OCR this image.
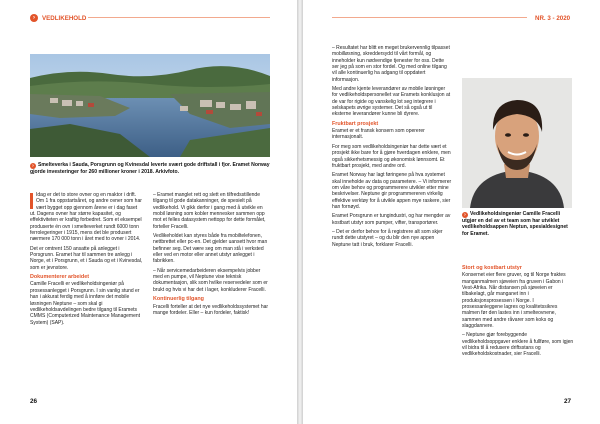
›	VEDLIKEHOLD
› Smelteverka i Sauda, Porsgrunn og Kvinesdal leverte svært gode driftstall i fjor. Eramet Norway gjorde investeringer for 260 millioner kroner i 2018. Arkivfoto.

Idag er det to store ovner og en maktor i drift. Om 1 fra oppstartsåret, og andre ovner som har vært bygget opp gjennom årene er i dag faset ut. Dagens ovner har større kapasitet, og effektiviteten er kraftig forbedret. Som et eksempel produserte én ovn i smelteverket rundt 6000 tonn ferrolegeringer i 1915, mens det ble produsert nærmere 170 000 tonn i året med to ovner i 2014.

Det er omtrent 150 ansatte på anlegget i Porsgrunn. Eramet har til sammen tre anlegg i Norge, et i Porsgrunn, et i Sauda og et i Kvinesdal, som er jevnstore.

Dokumenterer arbeidet

Camille Fracelli er vedlikeholdsingeniør på prosessanlegget i Porsgrunn. I sin vanlig stund er han i akkurat ferdig med å innføre det mobile løsningen Neptune – som skal gi vedlikeholdsavdelingen bedre tilgang til Eramets CMMS (Computerized Maintenance Management System) (SAP).

– Eramet manglet rett og slett en tilfredsstillende tilgang til gode datakanninger, de spesielt på vedlikehold. Vi gikk derfor i gang med å utvikle en mobil løsning som kobler mennesker sammen opp mot et felles datasystem nettopp for dette formålet, forteller Fracelli.

Vedlikeholdet kan styres både fra mobiltelefonen, nettbrettet eller pc-en. Det gjelder uansett hvor man befinner seg. Det være seg om man stå i verksted eller ved en motor eller annet utstyr anlegget i fabrikken.

– Når servicemedarbeideren eksempelvis jobber med en pumpe, vil Neptune vise teknisk dokumentasjon, slik som hvilke reservedeler som er brukt og hvis vi har det i lager, konkluderer Fracelli.

Kontinuerlig tilgang

Fracelli forteller at det nye vedlikeholdssystemet har mange fordeler. Eller – kun fordeler, faktisk!

26
NR. 3 - 2020

– Resultatet har blitt en meget brukervennlig tilpasset mobilløsning, skreddersydd til vårt formål, og inneholder kun nødvendige tjenester for oss. Dette ser jeg på som en stor fordel. Og med online tilgang vil alle kontinuerlig ha adgang til oppdatert informasjon.

Med andre kjente leverandører av mobile løsninger for vedlikeholdspersonellet var Eramets konklusjon at de var for rigide og vanskelig lot seg integrere i selskapets øvrige systemer. Det så også ut til eksterne leverandører kunne bli dyrere.

Fruktbart prosjekt

Eramet er et fransk konsern som opererer internasjonalt.

For meg som vedlikeholdsingeniør har dette vært et prosjekt ikke bare for å gjøre hverdagen enklere, men også sikkerhetsmessig og økonomisk lønnsomt. Et fruktbart prosjekt, med andre ord.

Eramet Norway har lagt føringene på hva systemet skal inneholde av data og parametere. – Vi informerer om våre behov og programmerere utvikler etter mine beskrivelser. Neptune gir programmereren virkelig effektive verktøy for å utvikle appen mye raskere, sier han fornøyd.

Eramet Porsgrunn er tungindustri, og har mengder av kostbart utstyr som pumper, vifter, transportører.

– Det er derfor behov for å registrere alt som skjer rundt dette utstyret – og du blir den nye appen Neptune tatt i bruk, forklarer Fracelli.

› Vedlikeholdsingeniør Camille Fracelli utgjør en del av et team som har utviklet vedlikeholdsappen Neptun, spesialdesignet for Eramet.
Stort og kostbart utstyr

Konsernet eier flere gruver, og til Norge fraktes manganmalmen sjøveien fra gruven i Gabon i Vest-Afrika. Når distansen på sjøveien er tilbakelagt, går manganet inn i produksjonsprosessen i Norge. I prosessanleggene lagres og kvalitetssikres malmen før den lastes inn i smelteovnene, sammen med andre råvarer som koks og slaggdannere.

– Neptune gjør forebyggende vedlikeholdsoppgaver enklere å fullføre, som igjen vil bidra til å redusere driftsstans og vedlikeholdskostnader, sier Fracelli.

27
